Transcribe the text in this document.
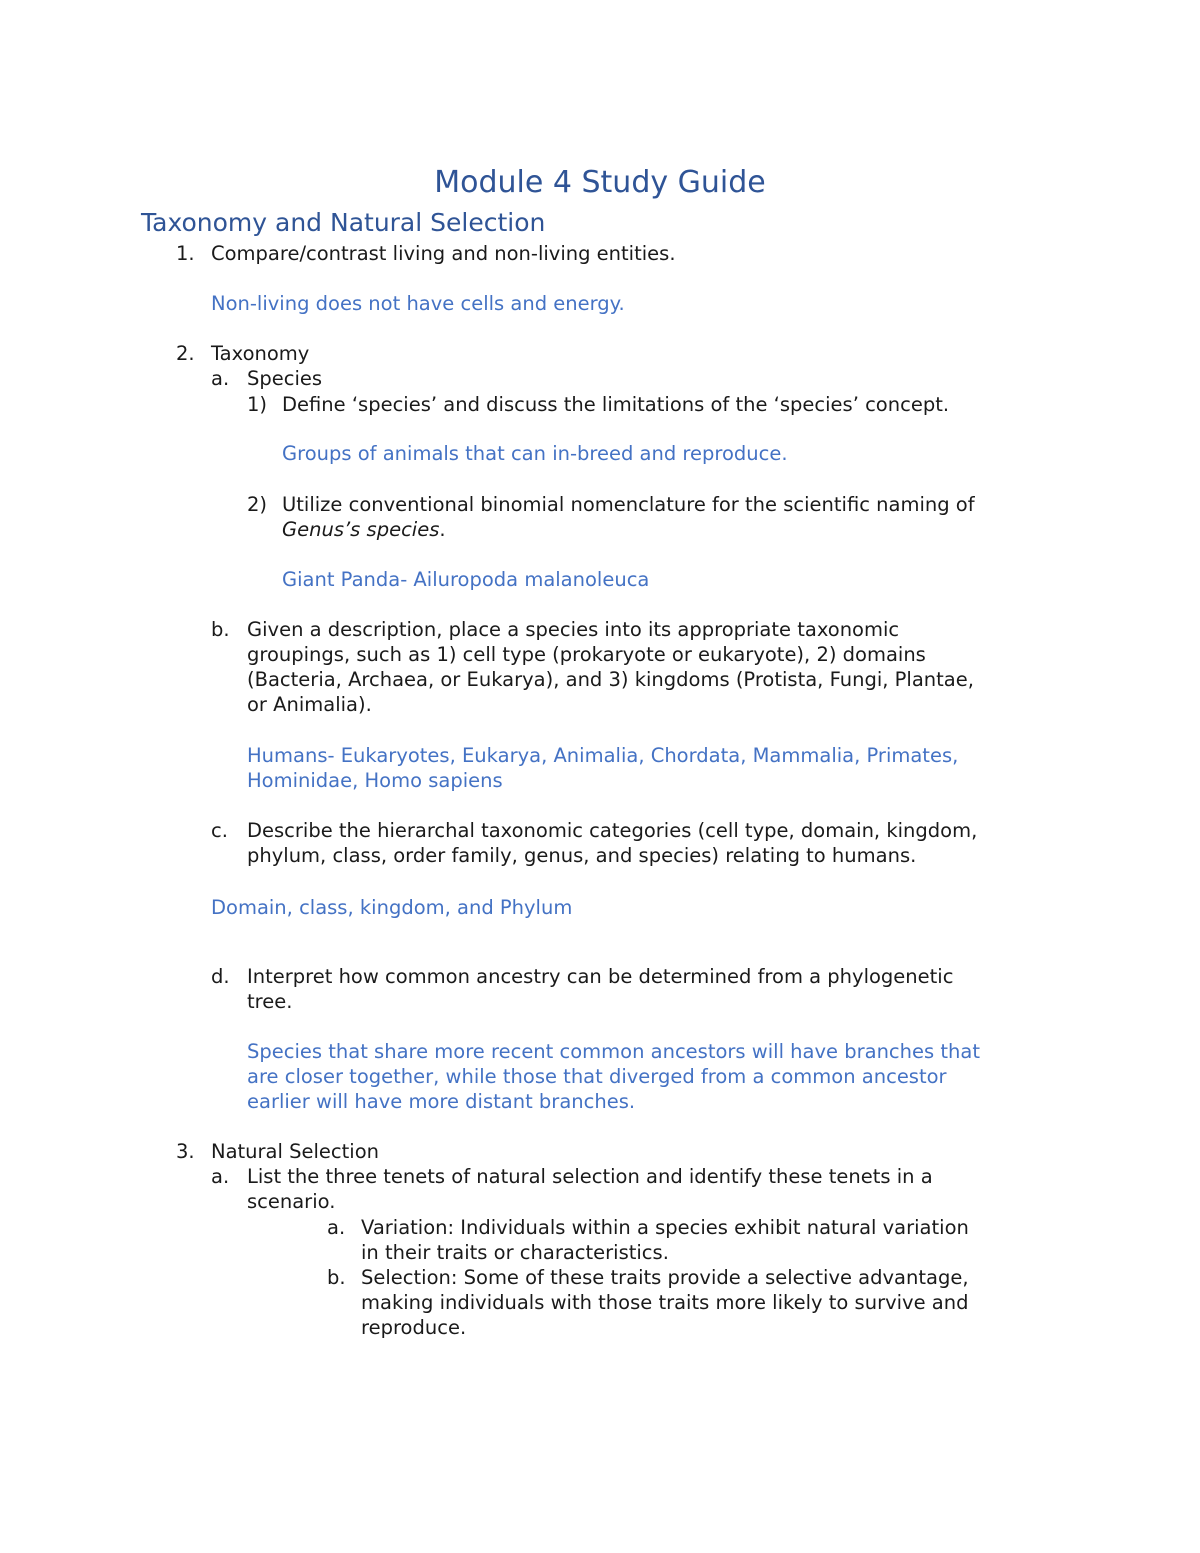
Module 4 Study Guide
Taxonomy and Natural Selection
1. Compare/contrast living and non-living entities.

Non-living does not have cells and energy.

2. Taxonomy

a. Species

1) Define ‘species’ and discuss the limitations of the ‘species’ concept.

Groups of animals that can in-breed and reproduce.

2) Utilize conventional binomial nomenclature for the scientific naming of

Genus’s species.

Giant Panda- Ailuropoda malanoleuca

b. Given a description, place a species into its appropriate taxonomic

groupings, such as 1) cell type (prokaryote or eukaryote), 2) domains

(Bacteria, Archaea, or Eukarya), and 3) kingdoms (Protista, Fungi, Plantae,

or Animalia).

Humans- Eukaryotes, Eukarya, Animalia, Chordata, Mammalia, Primates,

Hominidae, Homo sapiens

c. Describe the hierarchal taxonomic categories (cell type, domain, kingdom,

phylum, class, order family, genus, and species) relating to humans.

Domain, class, kingdom, and Phylum

d. Interpret how common ancestry can be determined from a phylogenetic

tree.

Species that share more recent common ancestors will have branches that

are closer together, while those that diverged from a common ancestor

earlier will have more distant branches.

3. Natural Selection

a. List the three tenets of natural selection and identify these tenets in a

scenario.

a. Variation: Individuals within a species exhibit natural variation

in their traits or characteristics.

b. Selection: Some of these traits provide a selective advantage,

making individuals with those traits more likely to survive and

reproduce.
